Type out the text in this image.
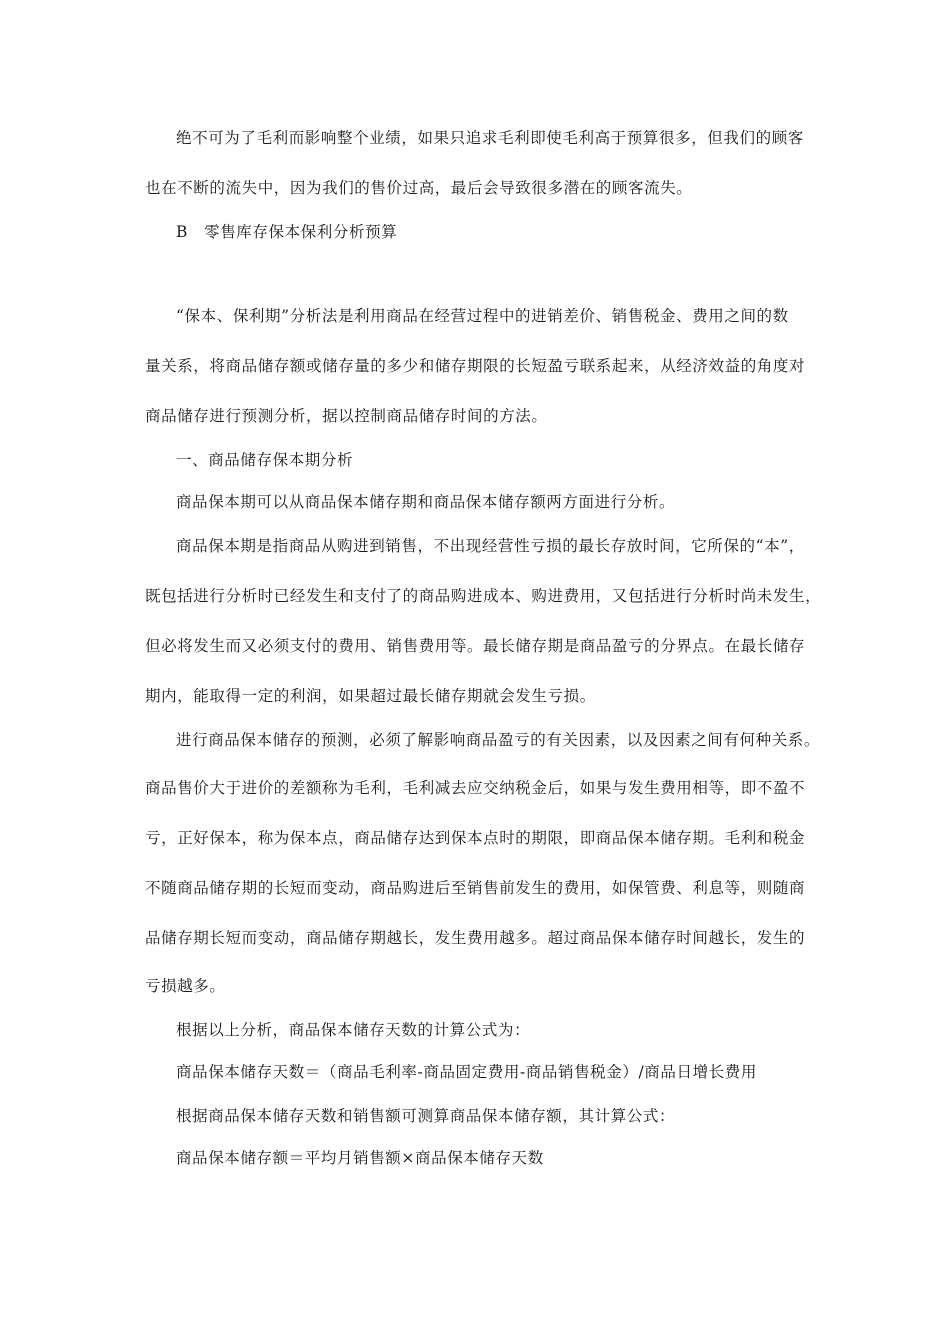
绝不可为了毛利而影响整个业绩，如果只追求毛利即使毛利高于预算很多，但我们的顾客
也在不断的流失中，因为我们的售价过高，最后会导致很多潜在的顾客流失。
B　零售库存保本保利分析预算
“保本、保利期”分析法是利用商品在经营过程中的进销差价、销售税金、费用之间的数
量关系，将商品储存额或储存量的多少和储存期限的长短盈亏联系起来，从经济效益的角度对
商品储存进行预测分析，据以控制商品储存时间的方法。
一、商品储存保本期分析
商品保本期可以从商品保本储存期和商品保本储存额两方面进行分析。
商品保本期是指商品从购进到销售，不出现经营性亏损的最长存放时间，它所保的“本”，
既包括进行分析时已经发生和支付了的商品购进成本、购进费用，又包括进行分析时尚未发生，
但必将发生而又必须支付的费用、销售费用等。最长储存期是商品盈亏的分界点。在最长储存
期内，能取得一定的利润，如果超过最长储存期就会发生亏损。
进行商品保本储存的预测，必须了解影响商品盈亏的有关因素，以及因素之间有何种关系。
商品售价大于进价的差额称为毛利，毛利减去应交纳税金后，如果与发生费用相等，即不盈不
亏，正好保本，称为保本点，商品储存达到保本点时的期限，即商品保本储存期。毛利和税金
不随商品储存期的长短而变动，商品购进后至销售前发生的费用，如保管费、利息等，则随商
品储存期长短而变动，商品储存期越长，发生费用越多。超过商品保本储存时间越长，发生的
亏损越多。
根据以上分析，商品保本储存天数的计算公式为：
商品保本储存天数＝（商品毛利率-商品固定费用-商品销售税金）/商品日增长费用
根据商品保本储存天数和销售额可测算商品保本储存额，其计算公式：
商品保本储存额＝平均月销售额×商品保本储存天数
